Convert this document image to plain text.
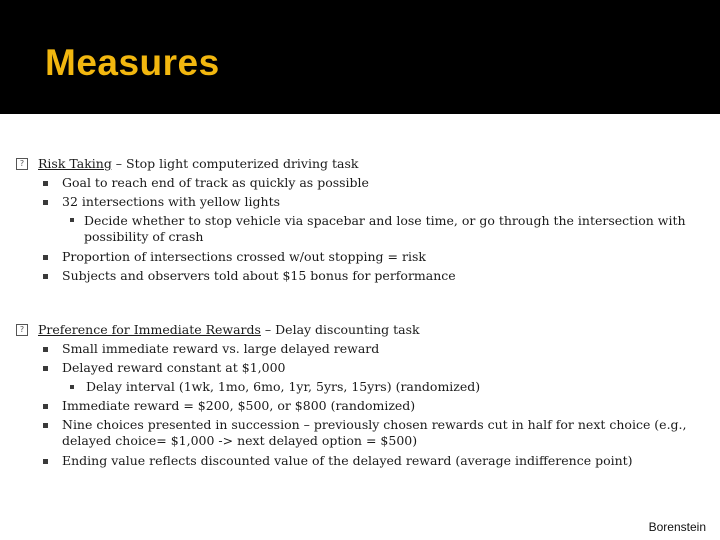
Measures
?	Risk Taking – Stop light computerized driving task
Goal to reach end of track as quickly as possible
32 intersections with yellow lights
Decide whether to stop vehicle via spacebar and lose time, or go through the intersection with possibility of crash
Proportion of intersections crossed w/out stopping = risk
Subjects and observers told about $15 bonus for performance
?	Preference for Immediate Rewards – Delay discounting task
Small immediate reward vs. large delayed reward
Delayed reward constant at $1,000
Delay interval (1wk, 1mo, 6mo, 1yr, 5yrs, 15yrs) (randomized)
Immediate reward = $200, $500, or $800 (randomized)
Nine choices presented in succession – previously chosen rewards cut in half for next choice (e.g., delayed choice= $1,000 -> next delayed option = $500)
Ending value reflects discounted value of the delayed reward (average indifference point)
Borenstein
